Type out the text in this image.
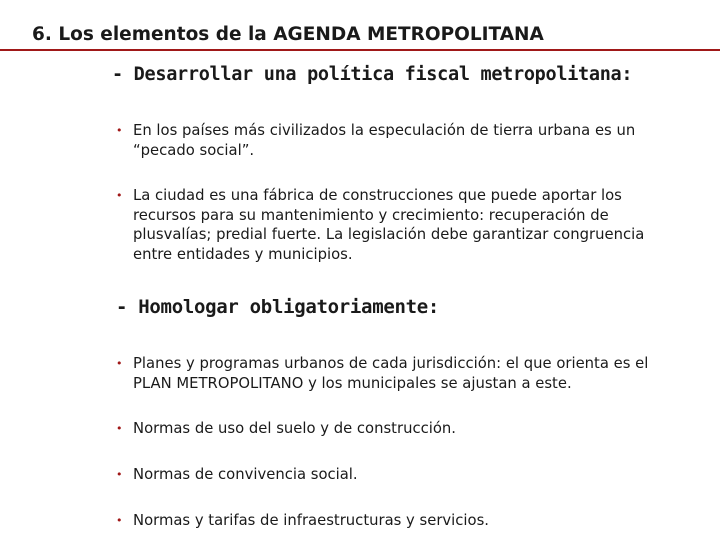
6. Los elementos de la AGENDA METROPOLITANA
- Desarrollar una política fiscal metropolitana:
• En los países más civilizados la especulación de tierra urbana es un “pecado social”.
• La ciudad es una fábrica de construcciones que puede aportar los recursos para su mantenimiento y crecimiento: recuperación de plusvalías; predial fuerte. La legislación debe garantizar congruencia entre entidades y municipios.
- Homologar obligatoriamente:
• Planes y programas urbanos de cada jurisdicción: el que orienta es el PLAN METROPOLITANO y los municipales se ajustan a este.
• Normas de uso del suelo y de construcción.
• Normas de convivencia social.
• Normas y tarifas de infraestructuras y servicios.
